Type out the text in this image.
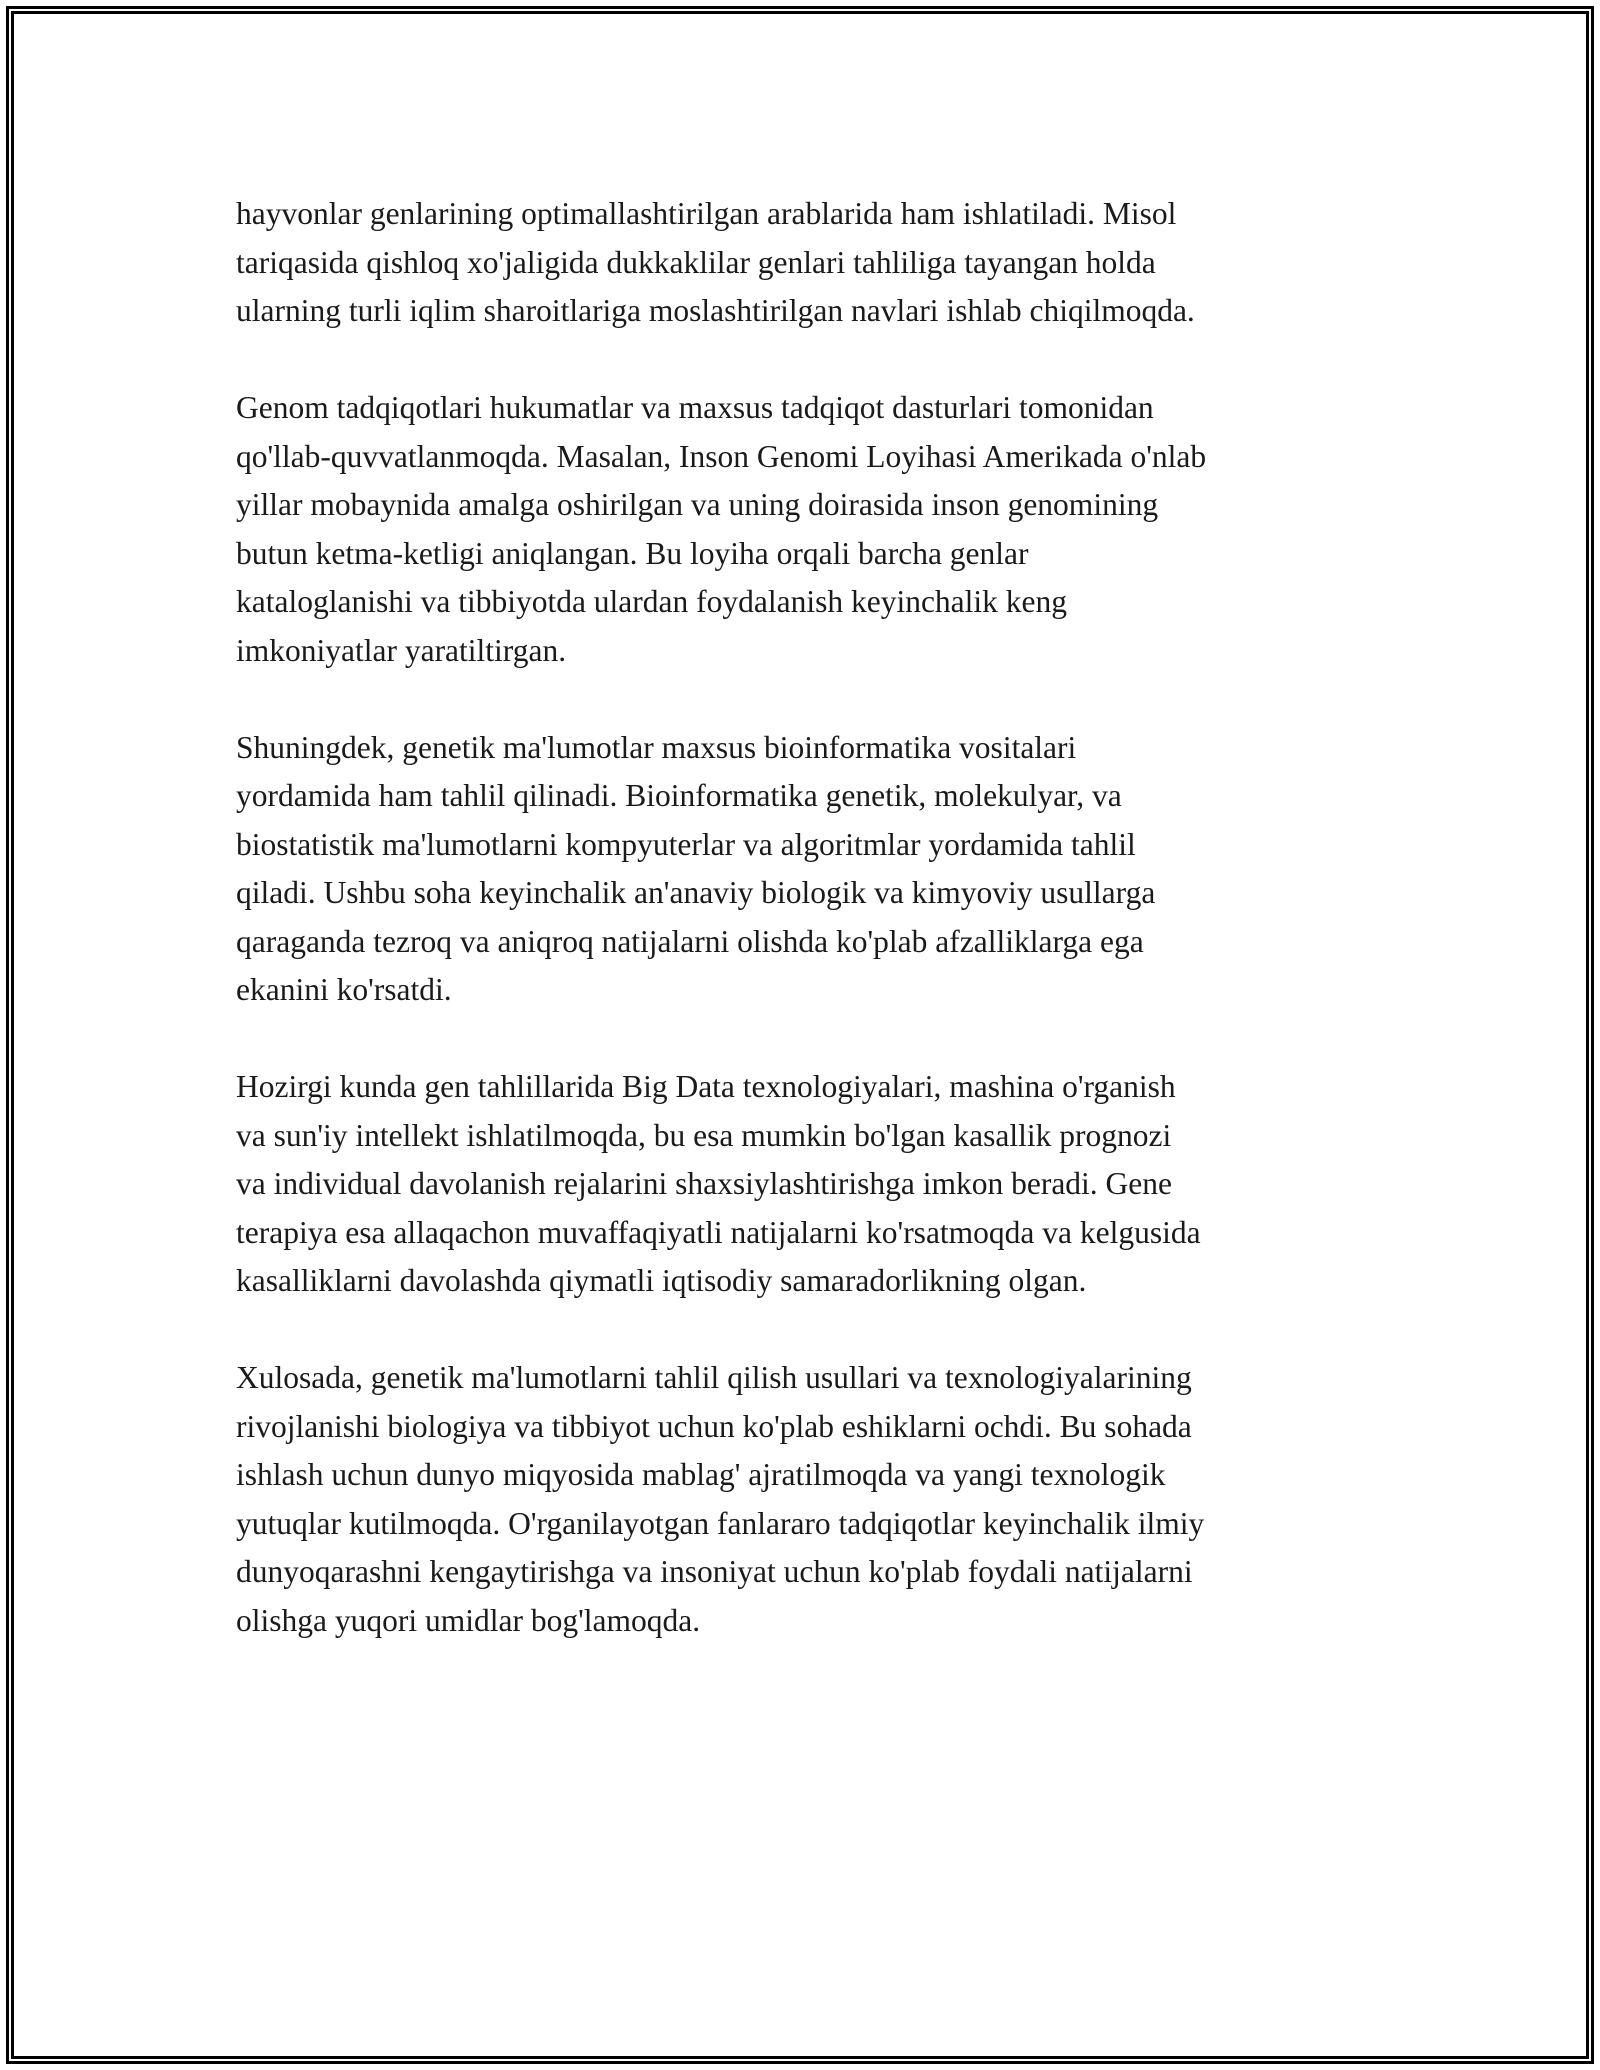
hayvonlar genlarining optimallashtirilgan arablarida ham ishlatiladi. Misol
tariqasida qishloq xo'jaligida dukkaklilar genlari tahliliga tayangan holda
ularning turli iqlim sharoitlariga moslashtirilgan navlari ishlab chiqilmoqda.

Genom tadqiqotlari hukumatlar va maxsus tadqiqot dasturlari tomonidan
qo'llab-quvvatlanmoqda. Masalan, Inson Genomi Loyihasi Amerikada o'nlab
yillar mobaynida amalga oshirilgan va uning doirasida inson genomining
butun ketma-ketligi aniqlangan. Bu loyiha orqali barcha genlar
kataloglanishi va tibbiyotda ulardan foydalanish keyinchalik keng
imkoniyatlar yaratiltirgan.

Shuningdek, genetik ma'lumotlar maxsus bioinformatika vositalari
yordamida ham tahlil qilinadi. Bioinformatika genetik, molekulyar, va
biostatistik ma'lumotlarni kompyuterlar va algoritmlar yordamida tahlil
qiladi. Ushbu soha keyinchalik an'anaviy biologik va kimyoviy usullarga
qaraganda tezroq va aniqroq natijalarni olishda ko'plab afzalliklarga ega
ekanini ko'rsatdi.

Hozirgi kunda gen tahlillarida Big Data texnologiyalari, mashina o'rganish
va sun'iy intellekt ishlatilmoqda, bu esa mumkin bo'lgan kasallik prognozi
va individual davolanish rejalarini shaxsiylashtirishga imkon beradi. Gene
terapiya esa allaqachon muvaffaqiyatli natijalarni ko'rsatmoqda va kelgusida
kasalliklarni davolashda qiymatli iqtisodiy samaradorlikning olgan.

Xulosada, genetik ma'lumotlarni tahlil qilish usullari va texnologiyalarining
rivojlanishi biologiya va tibbiyot uchun ko'plab eshiklarni ochdi. Bu sohada
ishlash uchun dunyo miqyosida mablag' ajratilmoqda va yangi texnologik
yutuqlar kutilmoqda. O'rganilayotgan fanlararo tadqiqotlar keyinchalik ilmiy
dunyoqarashni kengaytirishga va insoniyat uchun ko'plab foydali natijalarni
olishga yuqori umidlar bog'lamoqda.
